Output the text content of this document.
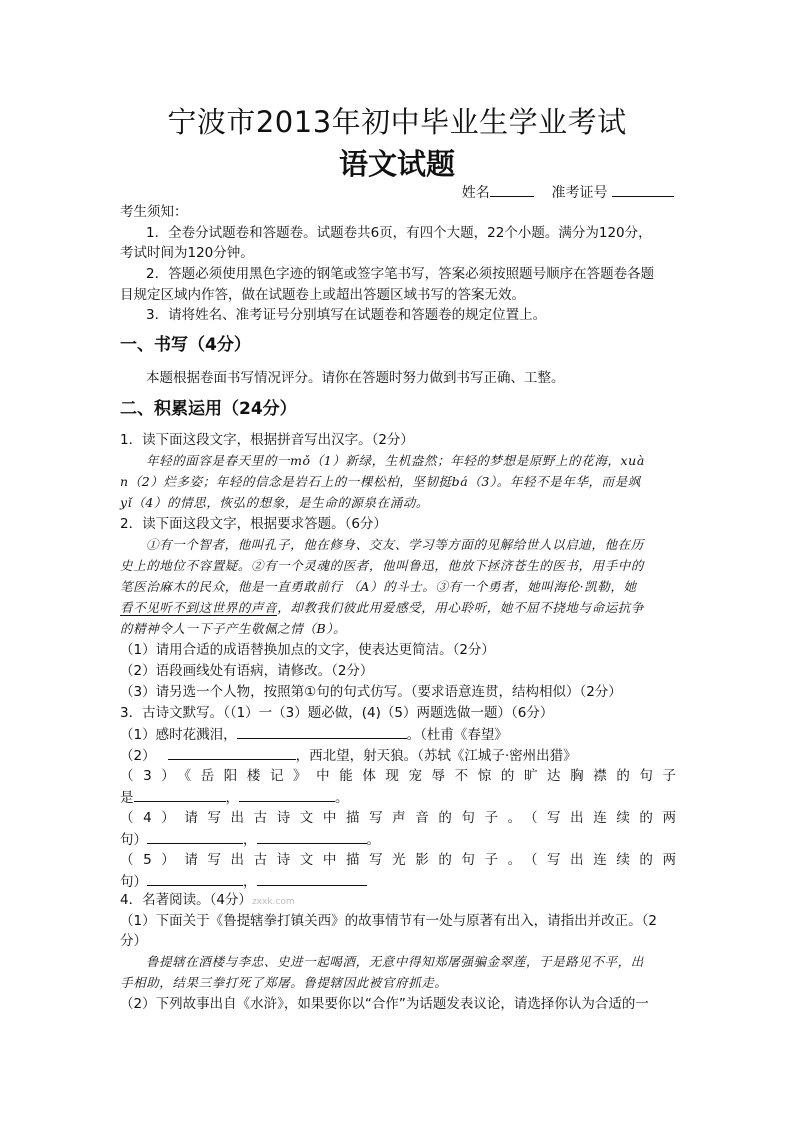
宁波市2013年初中毕业生学业考试
语文试题
姓名	准考证号
考生须知：
1．全卷分试题卷和答题卷。试题卷共6页，有四个大题，22个小题。满分为120分，
考试时间为120分钟。
2．答题必须使用黑色字迹的钢笔或签字笔书写，答案必须按照题号顺序在答题卷各题
目规定区域内作答，做在试题卷上或超出答题区域书写的答案无效。
3．请将姓名、准考证号分别填写在试题卷和答题卷的规定位置上。
一、书写（4分）
本题根据卷面书写情况评分。请你在答题时努力做到书写正确、工整。
二、积累运用（24分）
1．读下面这段文字，根据拼音写出汉字。（2分）
年轻的面容是春天里的一mǒ（1）新绿，生机盎然；年轻的梦想是原野上的花海，xuà
n（2）烂多姿；年轻的信念是岩石上的一棵松柏，坚韧挺bá（3）。年轻不是年华，而是飒
yǐ（4）的情思，恢弘的想象，是生命的源泉在涌动。
2．读下面这段文字，根据要求答题。（6分）
①有一个智者，他叫孔子，他在修身、交友、学习等方面的见解给世人以启迪，他在历
史上的地位不容置疑。②有一个灵魂的医者，他叫鲁迅，他放下拯济苍生的医书，用手中的
笔医治麻木的民众，他是一直勇敢前行 （A）的斗士。③有一个勇者，她叫海伦·凯勒，她
看不见听不到这世界的声音，却教我们彼此用爱感受，用心聆听，她不屈不挠地与命运抗争
的精神令人一下子产生敬佩之情（B）。
（1）请用合适的成语替换加点的文字，使表达更简洁。（2分）
（2）语段画线处有语病，请修改。（2分）
（3）请另选一个人物，按照第①句的句式仿写。（要求语意连贯，结构相似）（2分）
3．古诗文默写。（（1）一（3）题必做，(4)（5）两题选做一题）（6分）
（1）感时花溅泪，	。（杜甫《春望》
（2）	，西北望，射天狼。（苏轼《江城子·密州出猎》
（3）《岳阳楼记》中能体现宠辱不惊的旷达胸襟的句子
是	，	。
（4）请写出古诗文中描写声音的句子。（写出连续的两
句）	，	。
（5）请写出古诗文中描写光影的句子。（写出连续的两
句）	，
4．名著阅读。（4分）zxxk.com
（1）下面关于《鲁提辖拳打镇关西》的故事情节有一处与原著有出入，请指出并改正。（2
分）
鲁提辖在酒楼与李忠、史进一起喝酒，无意中得知郑屠强骗金翠莲，于是路见不平，出
手相助，结果三拳打死了郑屠。鲁提辖因此被官府抓走。
（2）下列故事出自《水浒》，如果要你以“合作”为话题发表议论，请选择你认为合适的一
